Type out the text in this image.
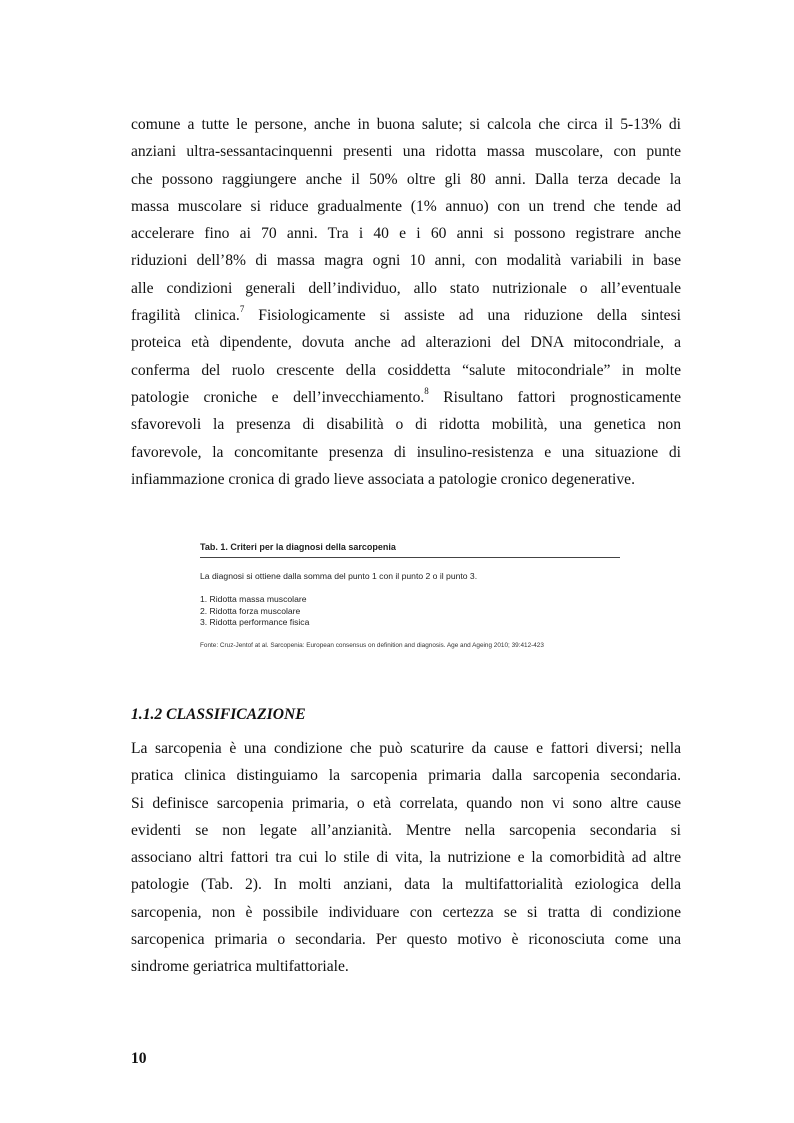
comune a tutte le persone, anche in buona salute; si calcola che circa il 5-13% di
anziani ultra-sessantacinquenni presenti una ridotta massa muscolare, con punte
che possono raggiungere anche il 50% oltre gli 80 anni. Dalla terza decade la
massa muscolare si riduce gradualmente (1% annuo) con un trend che tende ad
accelerare fino ai 70 anni. Tra i 40 e i 60 anni si possono registrare anche
riduzioni dell’8% di massa magra ogni 10 anni, con modalità variabili in base
alle condizioni generali dell’individuo, allo stato nutrizionale o all’eventuale
fragilità clinica.$^7$ Fisiologicamente si assiste ad una riduzione della sintesi
proteica età dipendente, dovuta anche ad alterazioni del DNA mitocondriale, a
conferma del ruolo crescente della cosiddetta “salute mitocondriale” in molte
patologie croniche e dell’invecchiamento.$^8$ Risultano fattori prognosticamente
sfavorevoli la presenza di disabilità o di ridotta mobilità, una genetica non
favorevole, la concomitante presenza di insulino-resistenza e una situazione di
infiammazione cronica di grado lieve associata a patologie cronico degenerative.

Tab. 1. Criteri per la diagnosi della sarcopenia

La diagnosi si ottiene dalla somma del punto 1 con il punto 2 o il punto 3.

1. Ridotta massa muscolare
2. Ridotta forza muscolare
3. Ridotta performance fisica

Fonte: Cruz-Jentof at al. Sarcopenia: European consensus on definition and diagnosis. Age and Ageing 2010; 39:412-423

1.1.2 CLASSIFICAZIONE
La sarcopenia è una condizione che può scaturire da cause e fattori diversi; nella
pratica clinica distinguiamo la sarcopenia primaria dalla sarcopenia secondaria.
Si definisce sarcopenia primaria, o età correlata, quando non vi sono altre cause
evidenti se non legate all’anzianità. Mentre nella sarcopenia secondaria si
associano altri fattori tra cui lo stile di vita, la nutrizione e la comorbidità ad altre
patologie (Tab. 2). In molti anziani, data la multifattorialità eziologica della
sarcopenia, non è possibile individuare con certezza se si tratta di condizione
sarcopenica primaria o secondaria. Per questo motivo è riconosciuta come una
sindrome geriatrica multifattoriale.

10
